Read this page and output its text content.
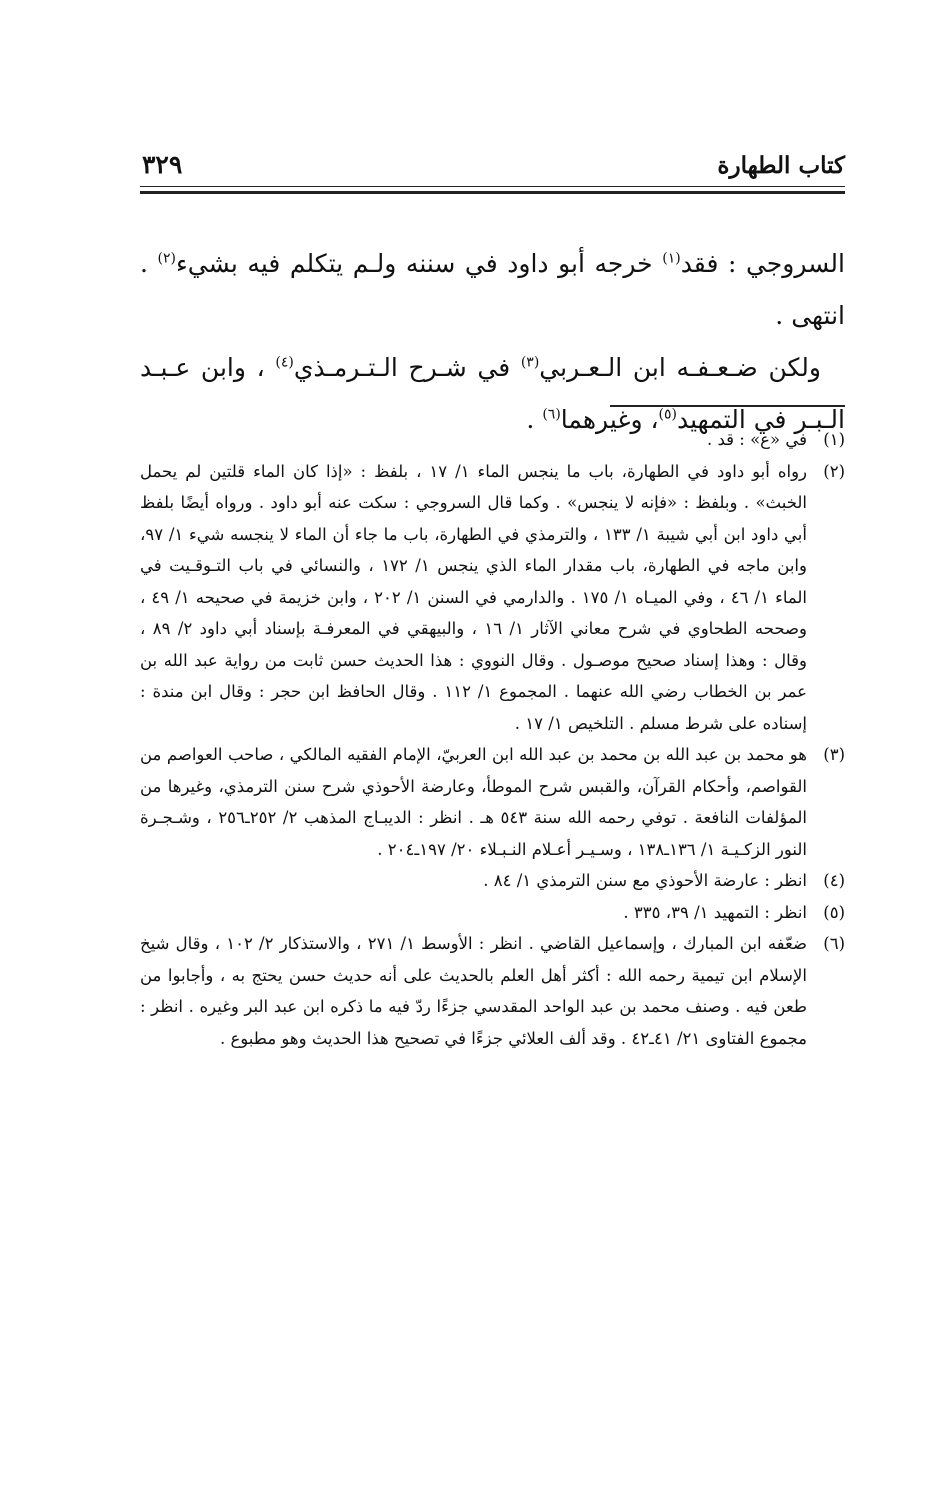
كتاب الطهارة
٣٢٩

السروجي : فقد$^{(١)}$ خرجه أبو داود في سننه ولـم يتكلم فيه بشيء$^{(٢)}$ . انتهى .

ولكن ضـعـفـه ابن الـعـربي$^{(٣)}$ في شـرح الـتـرمـذي$^{(٤)}$ ، وابن عـبـد الـبـر في التمهيد$^{(٥)}$، وغيرهما$^{(٦)}$ .

(١)
في «ع» : قد .
(٢)
رواه أبو داود في الطهارة، باب ما ينجس الماء ١/ ١٧ ، بلفظ : «إذا كان الماء قلتين لم يحمل الخبث» . وبلفظ : «فإنه لا ينجس» . وكما قال السروجي : سكت عنه أبو داود . ورواه أيضًا بلفظ أبي داود ابن أبي شيبة ١/ ١٣٣ ، والترمذي في الطهارة، باب ما جاء أن الماء لا ينجسه شيء ١/ ٩٧، وابن ماجه في الطهارة، باب مقدار الماء الذي ينجس ١/ ١٧٢ ، والنسائي في باب التـوقـيت في الماء ١/ ٤٦ ، وفي الميـاه ١/ ١٧٥ . والدارمي في السنن ١/ ٢٠٢ ، وابن خزيمة في صحيحه ١/ ٤٩ ، وصححه الطحاوي في شرح معاني الآثار ١/ ١٦ ، والبيهقي في المعرفـة بإسناد أبي داود ٢/ ٨٩ ، وقال : وهذا إسناد صحيح موصـول . وقال النووي : هذا الحديث حسن ثابت من رواية عبد الله بن عمر بن الخطاب رضي الله عنهما . المجموع ١/ ١١٢ . وقال الحافظ ابن حجر : وقال ابن مندة : إسناده على شرط مسلم . التلخيص ١/ ١٧ .
(٣)
هو محمد بن عبد الله بن محمد بن عبد الله ابن العربيّ، الإمام الفقيه المالكي ، صاحب العواصم من القواصم، وأحكام القرآن، والقبس شرح الموطأ، وعارضة الأحوذي شرح سنن الترمذي، وغيرها من المؤلفات النافعة . توفي رحمه الله سنة ٥٤٣ هـ . انظر : الديبـاج المذهب ٢/ ٢٥٢ـ٢٥٦ ، وشـجـرة النور الزكـيـة ١/ ١٣٦ـ١٣٨ ، وسـيـر أعـلام النـبـلاء ٢٠/ ١٩٧ـ٢٠٤ .
(٤)
انظر : عارضة الأحوذي مع سنن الترمذي ١/ ٨٤ .
(٥)
انظر : التمهيد ١/ ٣٩، ٣٣٥ .
(٦)
ضعّفه ابن المبارك ، وإسماعيل القاضي . انظر : الأوسط ١/ ٢٧١ ، والاستذكار ٢/ ١٠٢ ، وقال شيخ الإسلام ابن تيمية رحمه الله : أكثر أهل العلم بالحديث على أنه حديث حسن يحتج به ، وأجابوا من طعن فيه . وصنف محمد بن عبد الواحد المقدسي جزءًا ردّ فيه ما ذكره ابن عبد البر وغيره . انظر : مجموع الفتاوى ٢١/ ٤١ـ٤٢ . وقد ألف العلائي جزءًا في تصحيح هذا الحديث وهو مطبوع .
